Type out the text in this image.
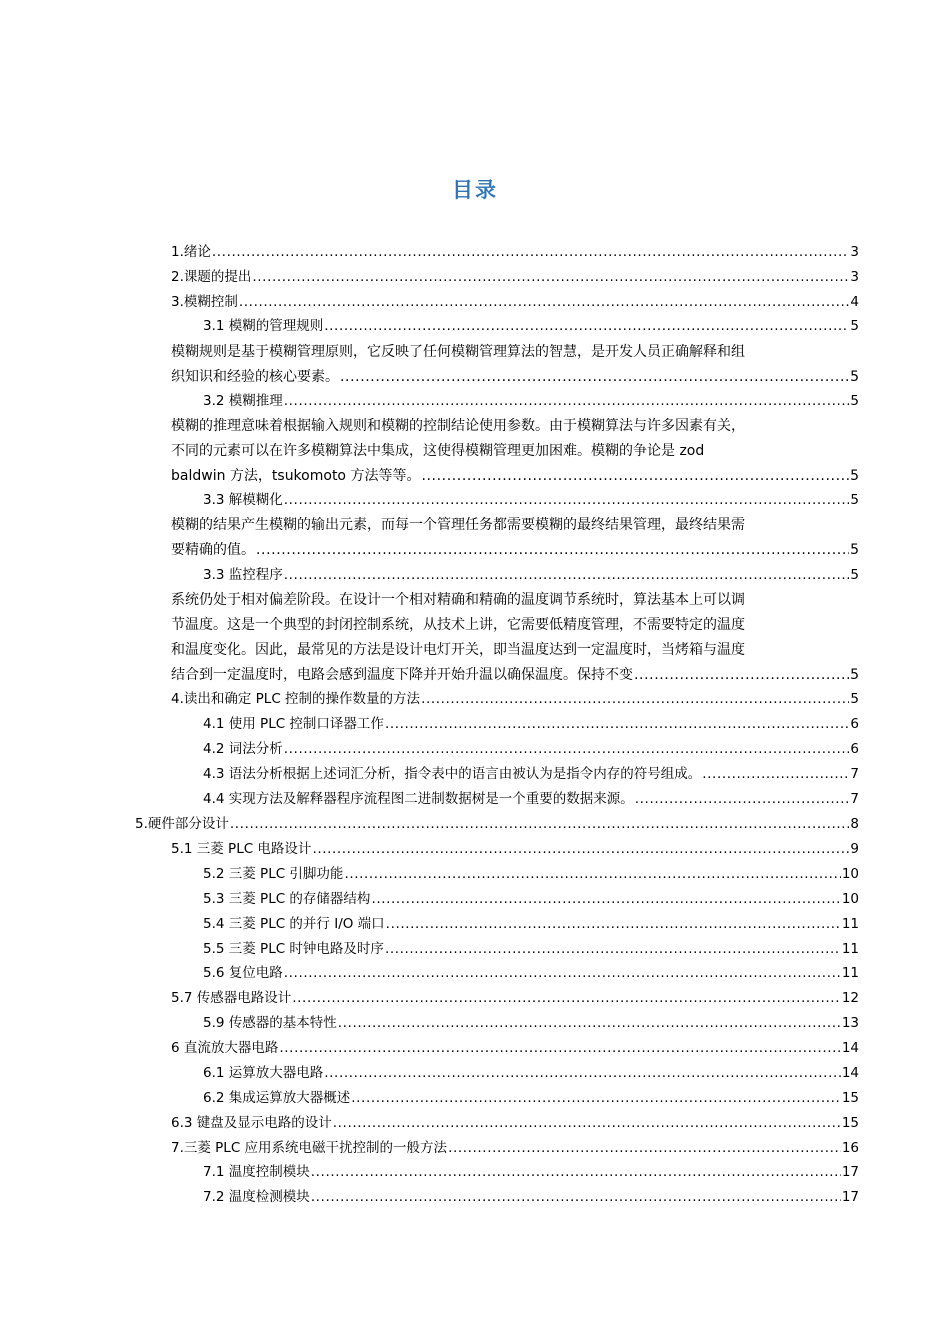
目录
1.绪论 .....	3
2.课题的提出 .....	3
3.模糊控制 .....	4
3.1 模糊的管理规则 .....	5
模糊规则是基于模糊管理原则，它反映了任何模糊管理算法的智慧，是开发人员正确解释和组
织知识和经验的核心要素。 .....	5
3.2 模糊推理 .....	5
模糊的推理意味着根据输入规则和模糊的控制结论使用参数。由于模糊算法与许多因素有关，
不同的元素可以在许多模糊算法中集成，这使得模糊管理更加困难。模糊的争论是 zod
baldwin 方法，tsukomoto 方法等等。 .....	5
3.3 解模糊化 .....	5
模糊的结果产生模糊的输出元素，而每一个管理任务都需要模糊的最终结果管理，最终结果需
要精确的值。 .....	5
3.3 监控程序 .....	5
系统仍处于相对偏差阶段。在设计一个相对精确和精确的温度调节系统时，算法基本上可以调
节温度。这是一个典型的封闭控制系统，从技术上讲，它需要低精度管理，不需要特定的温度
和温度变化。因此，最常见的方法是设计电灯开关，即当温度达到一定温度时，当烤箱与温度
结合到一定温度时，电路会感到温度下降并开始升温以确保温度。保持不变 .....	5
4.读出和确定 PLC 控制的操作数量的方法 .....	5
4.1 使用 PLC 控制口译器工作 .....	6
4.2 词法分析 .....	6
4.3 语法分析根据上述词汇分析，指令表中的语言由被认为是指令内存的符号组成。 .....	7
4.4 实现方法及解释器程序流程图二进制数据树是一个重要的数据来源。 .....	7
5.硬件部分设计 .....	8
5.1 三菱 PLC 电路设计 .....	9
5.2 三菱 PLC 引脚功能 .....	10
5.3 三菱 PLC 的存储器结构 .....	10
5.4 三菱 PLC 的并行 I/O 端口 .....	11
5.5 三菱 PLC 时钟电路及时序 .....	11
5.6 复位电路 .....	11
5.7 传感器电路设计 .....	12
5.9 传感器的基本特性 .....	13
6 直流放大器电路 .....	14
6.1 运算放大器电路 .....	14
6.2 集成运算放大器概述 .....	15
6.3 键盘及显示电路的设计 .....	15
7.三菱 PLC 应用系统电磁干扰控制的一般方法 .....	16
7.1 温度控制模块 .....	17
7.2 温度检测模块 .....	17
